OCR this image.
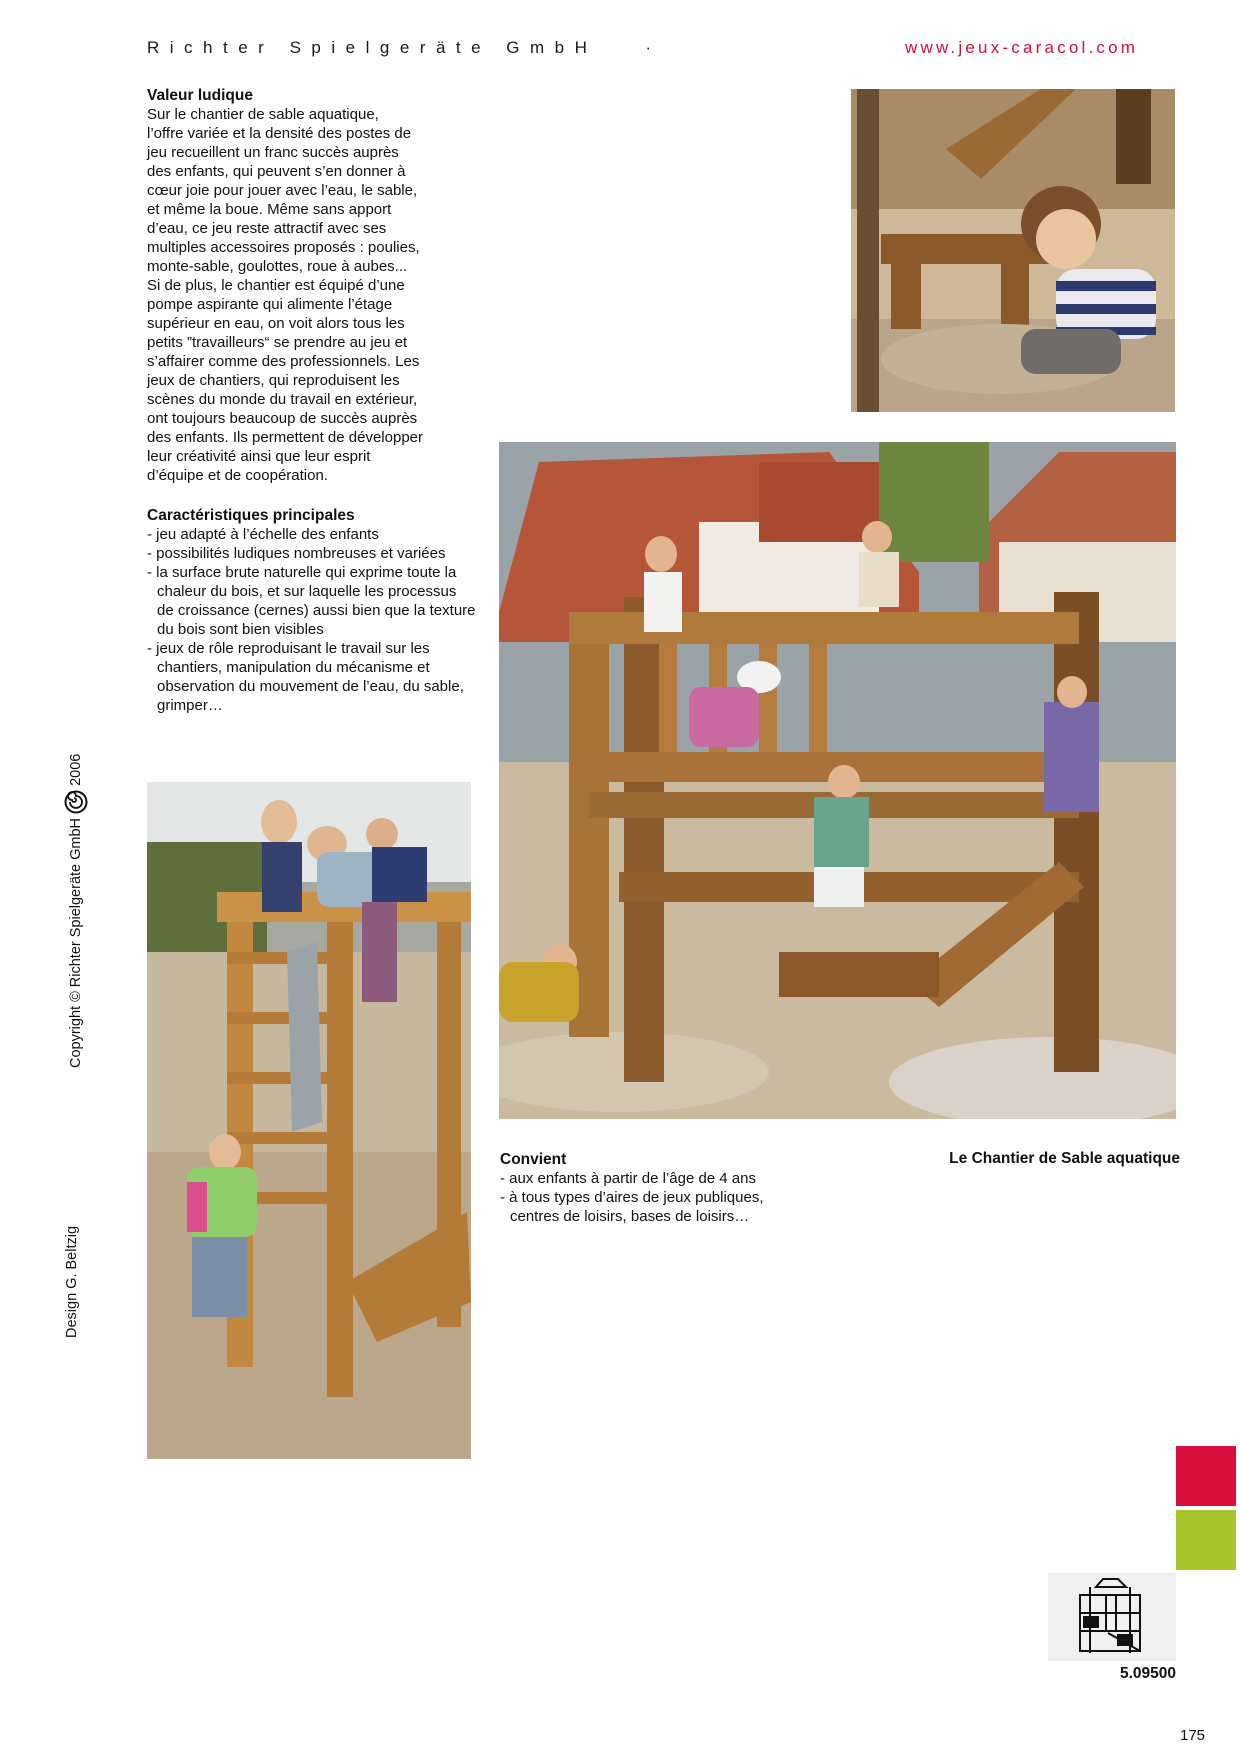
Richter Spielgeräte GmbH	·	www.jeux-caracol.com
Valeur ludique
Sur le chantier de sable aquatique,
l’offre variée et la densité des postes de
jeu recueillent un franc succès auprès
des enfants, qui peuvent s’en donner à
cœur joie pour jouer avec l’eau, le sable,
et même la boue. Même sans apport
d’eau, ce jeu reste attractif avec ses
multiples accessoires proposés : poulies,
monte-sable, goulottes, roue à aubes...
Si de plus, le chantier est équipé d’une
pompe aspirante qui alimente l’étage
supérieur en eau, on voit alors tous les
petits ”travailleurs“ se prendre au jeu et
s’affairer comme des professionnels. Les
jeux de chantiers, qui reproduisent les
scènes du monde du travail en extérieur,
ont toujours beaucoup de succès auprès
des enfants. Ils permettent de développer
leur créativité ainsi que leur esprit
d’équipe et de coopération.
Caractéristiques principales
- jeu adapté à l’échelle des enfants
- possibilités ludiques nombreuses et variées
- la surface brute naturelle qui exprime toute la chaleur du bois, et sur laquelle les processus de croissance (cernes) aussi bien que la texture du bois sont bien visibles
- jeux de rôle reproduisant le travail sur les chantiers, manipulation du mécanisme et observation du mouvement de l’eau, du sable, grimper…
Copyright © Richter Spielgeräte GmbH  2006
Design G. Beltzig
Convient
- aux enfants à partir de l’âge de 4 ans
- à tous types d’aires de jeux publiques, centres de loisirs, bases de loisirs…
Le Chantier de Sable aquatique
5.09500
175
